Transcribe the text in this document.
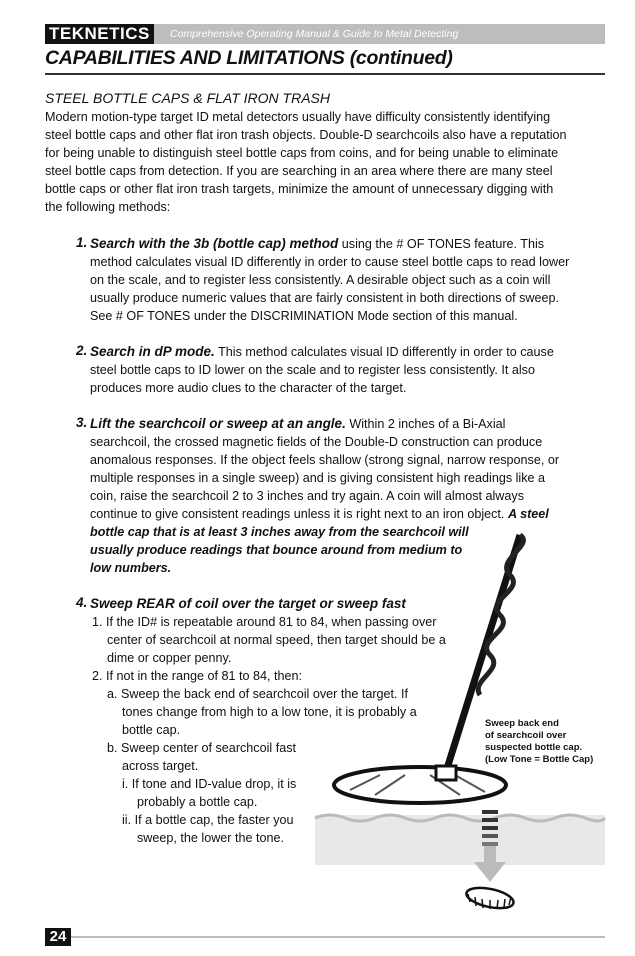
TEKNETICS	Comprehensive Operating Manual & Guide to Metal Detecting
CAPABILITIES AND LIMITATIONS (continued)
STEEL BOTTLE CAPS & FLAT IRON TRASH
Modern motion-type target ID metal detectors usually have difficulty consistently identifying
steel bottle caps and other flat iron trash objects. Double-D searchcoils also have a reputation
for being unable to distinguish steel bottle caps from coins, and for being unable to eliminate
steel bottle caps from detection. If you are searching in an area where there are many steel
bottle caps or other flat iron trash targets, minimize the amount of unnecessary digging with
the following methods:
1. Search with the 3b (bottle cap) method using the # OF TONES feature. This
method calculates visual ID differently in order to cause steel bottle caps to read lower
on the scale, and to register less consistently. A desirable object such as a coin will
usually produce numeric values that are fairly consistent in both directions of sweep.
See # OF TONES under the DISCRIMINATION Mode section of this manual.
2. Search in dP mode. This method calculates visual ID differently in order to cause
steel bottle caps to ID lower on the scale and to register less consistently. It also
produces more audio clues to the character of the target.
3. Lift the searchcoil or sweep at an angle. Within 2 inches of a Bi-Axial
searchcoil, the crossed magnetic fields of the Double-D construction can produce
anomalous responses. If the object feels shallow (strong signal, narrow response, or
multiple responses in a single sweep) and is giving consistent high readings like a
coin, raise the searchcoil 2 to 3 inches and try again. A coin will almost always
continue to give consistent readings unless it is right next to an iron object. A steel
bottle cap that is at least 3 inches away from the searchcoil will
usually produce readings that bounce around from medium to
low numbers.
4. Sweep REAR of coil over the target or sweep fast
1. If the ID# is repeatable around 81 to 84, when passing over
center of searchcoil at normal speed, then target should be a
dime or copper penny.
2. If not in the range of 81 to 84, then:
a. Sweep the back end of searchcoil over the target. If
tones change from high to a low tone, it is probably a
bottle cap.
b. Sweep center of searchcoil fast
across target.
i. If tone and ID-value drop, it is
probably a bottle cap.
ii. If a bottle cap, the faster you
sweep, the lower the tone.
Sweep back end
of searchcoil over
suspected bottle cap.
(Low Tone = Bottle Cap)
24
